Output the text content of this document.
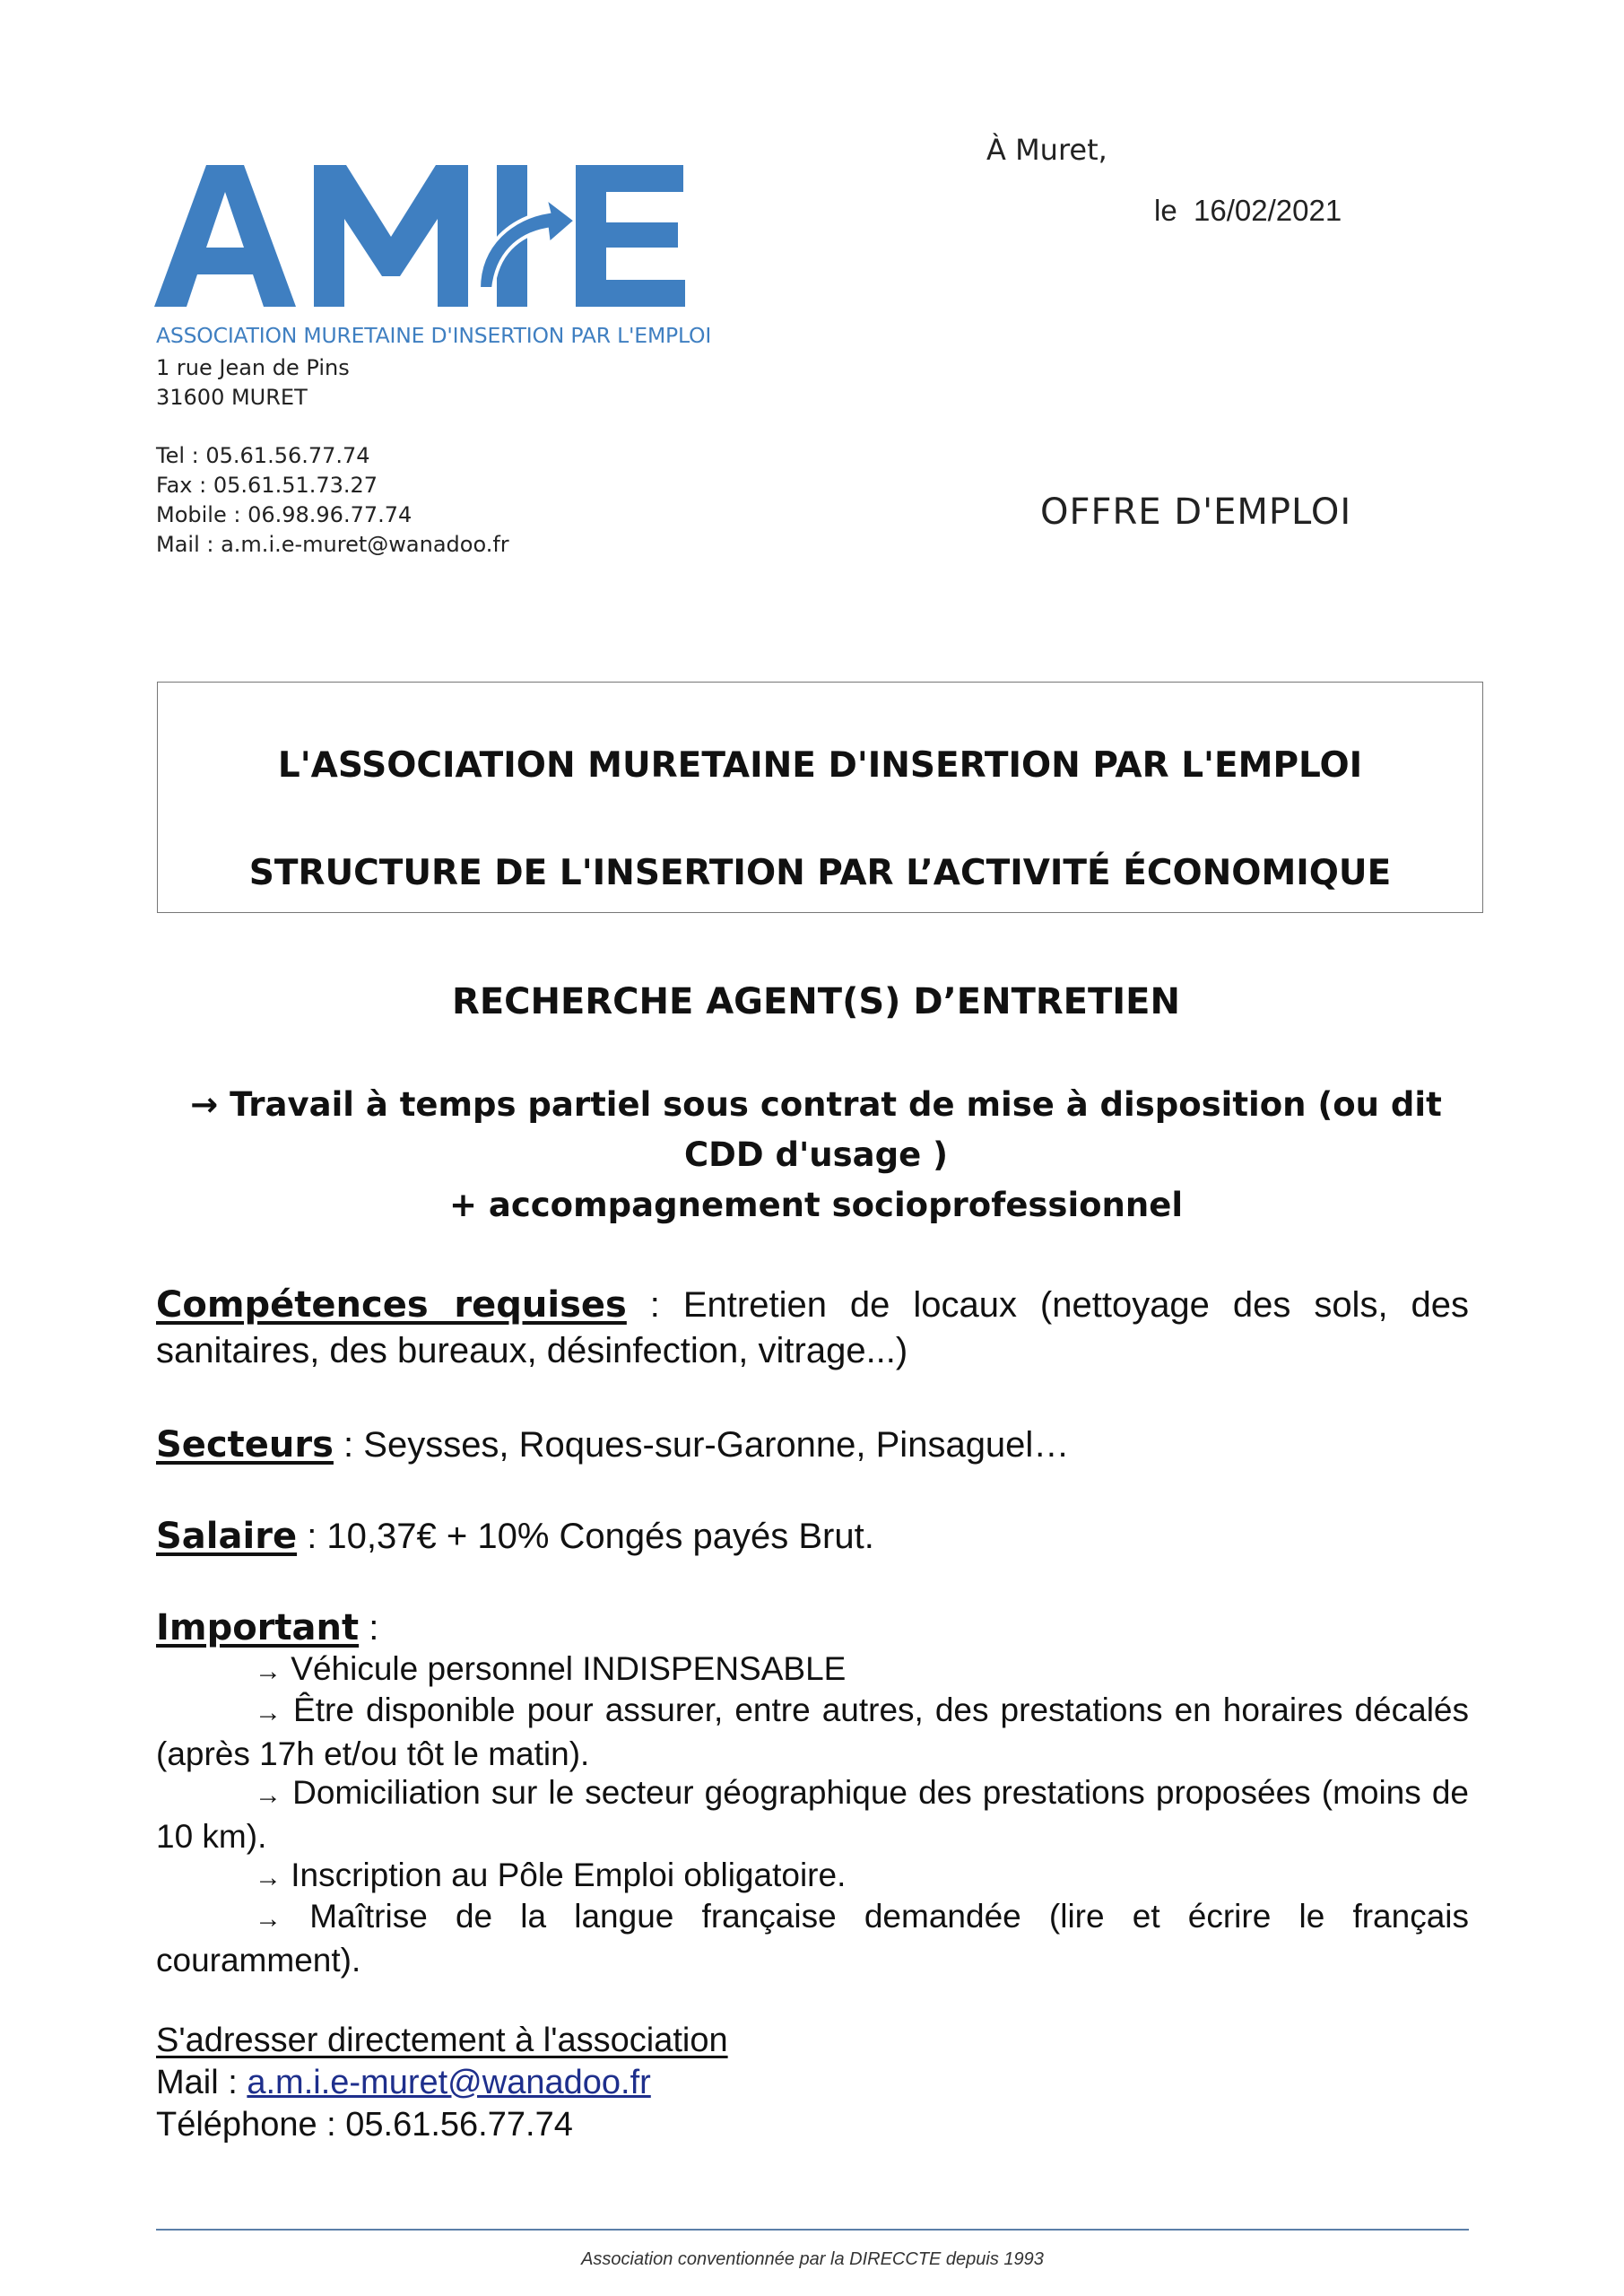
ASSOCIATION MURETAINE D'INSERTION PAR L'EMPLOI
1 rue Jean de Pins
31600 MURET
Tel : 05.61.56.77.74
Fax : 05.61.51.73.27
Mobile : 06.98.96.77.74
Mail : a.m.i.e-muret@wanadoo.fr
À Muret,
le 16/02/2021
OFFRE D'EMPLOI
L'ASSOCIATION MURETAINE D'INSERTION PAR L'EMPLOI
STRUCTURE DE L'INSERTION PAR L’ACTIVITÉ ÉCONOMIQUE
RECHERCHE AGENT(S) D’ENTRETIEN
→ Travail à temps partiel sous contrat de mise à disposition (ou dit
CDD d'usage )
+ accompagnement socioprofessionnel
Compétences requises : Entretien de locaux (nettoyage des sols, des sanitaires, des bureaux, désinfection, vitrage...)
Secteurs : Seysses, Roques-sur-Garonne, Pinsaguel…
Salaire : 10,37€ + 10% Congés payés Brut.
Important :
→ Véhicule personnel INDISPENSABLE
→ Être disponible pour assurer, entre autres, des prestations en horaires décalés (après 17h et/ou tôt le matin).
→ Domiciliation sur le secteur géographique des prestations proposées (moins de 10 km).
→ Inscription au Pôle Emploi obligatoire.
→ Maîtrise de la langue française demandée (lire et écrire le français couramment).
S'adresser directement à l'association
Mail : a.m.i.e-muret@wanadoo.fr
Téléphone : 05.61.56.77.74
Association conventionnée par la DIRECCTE depuis 1993
